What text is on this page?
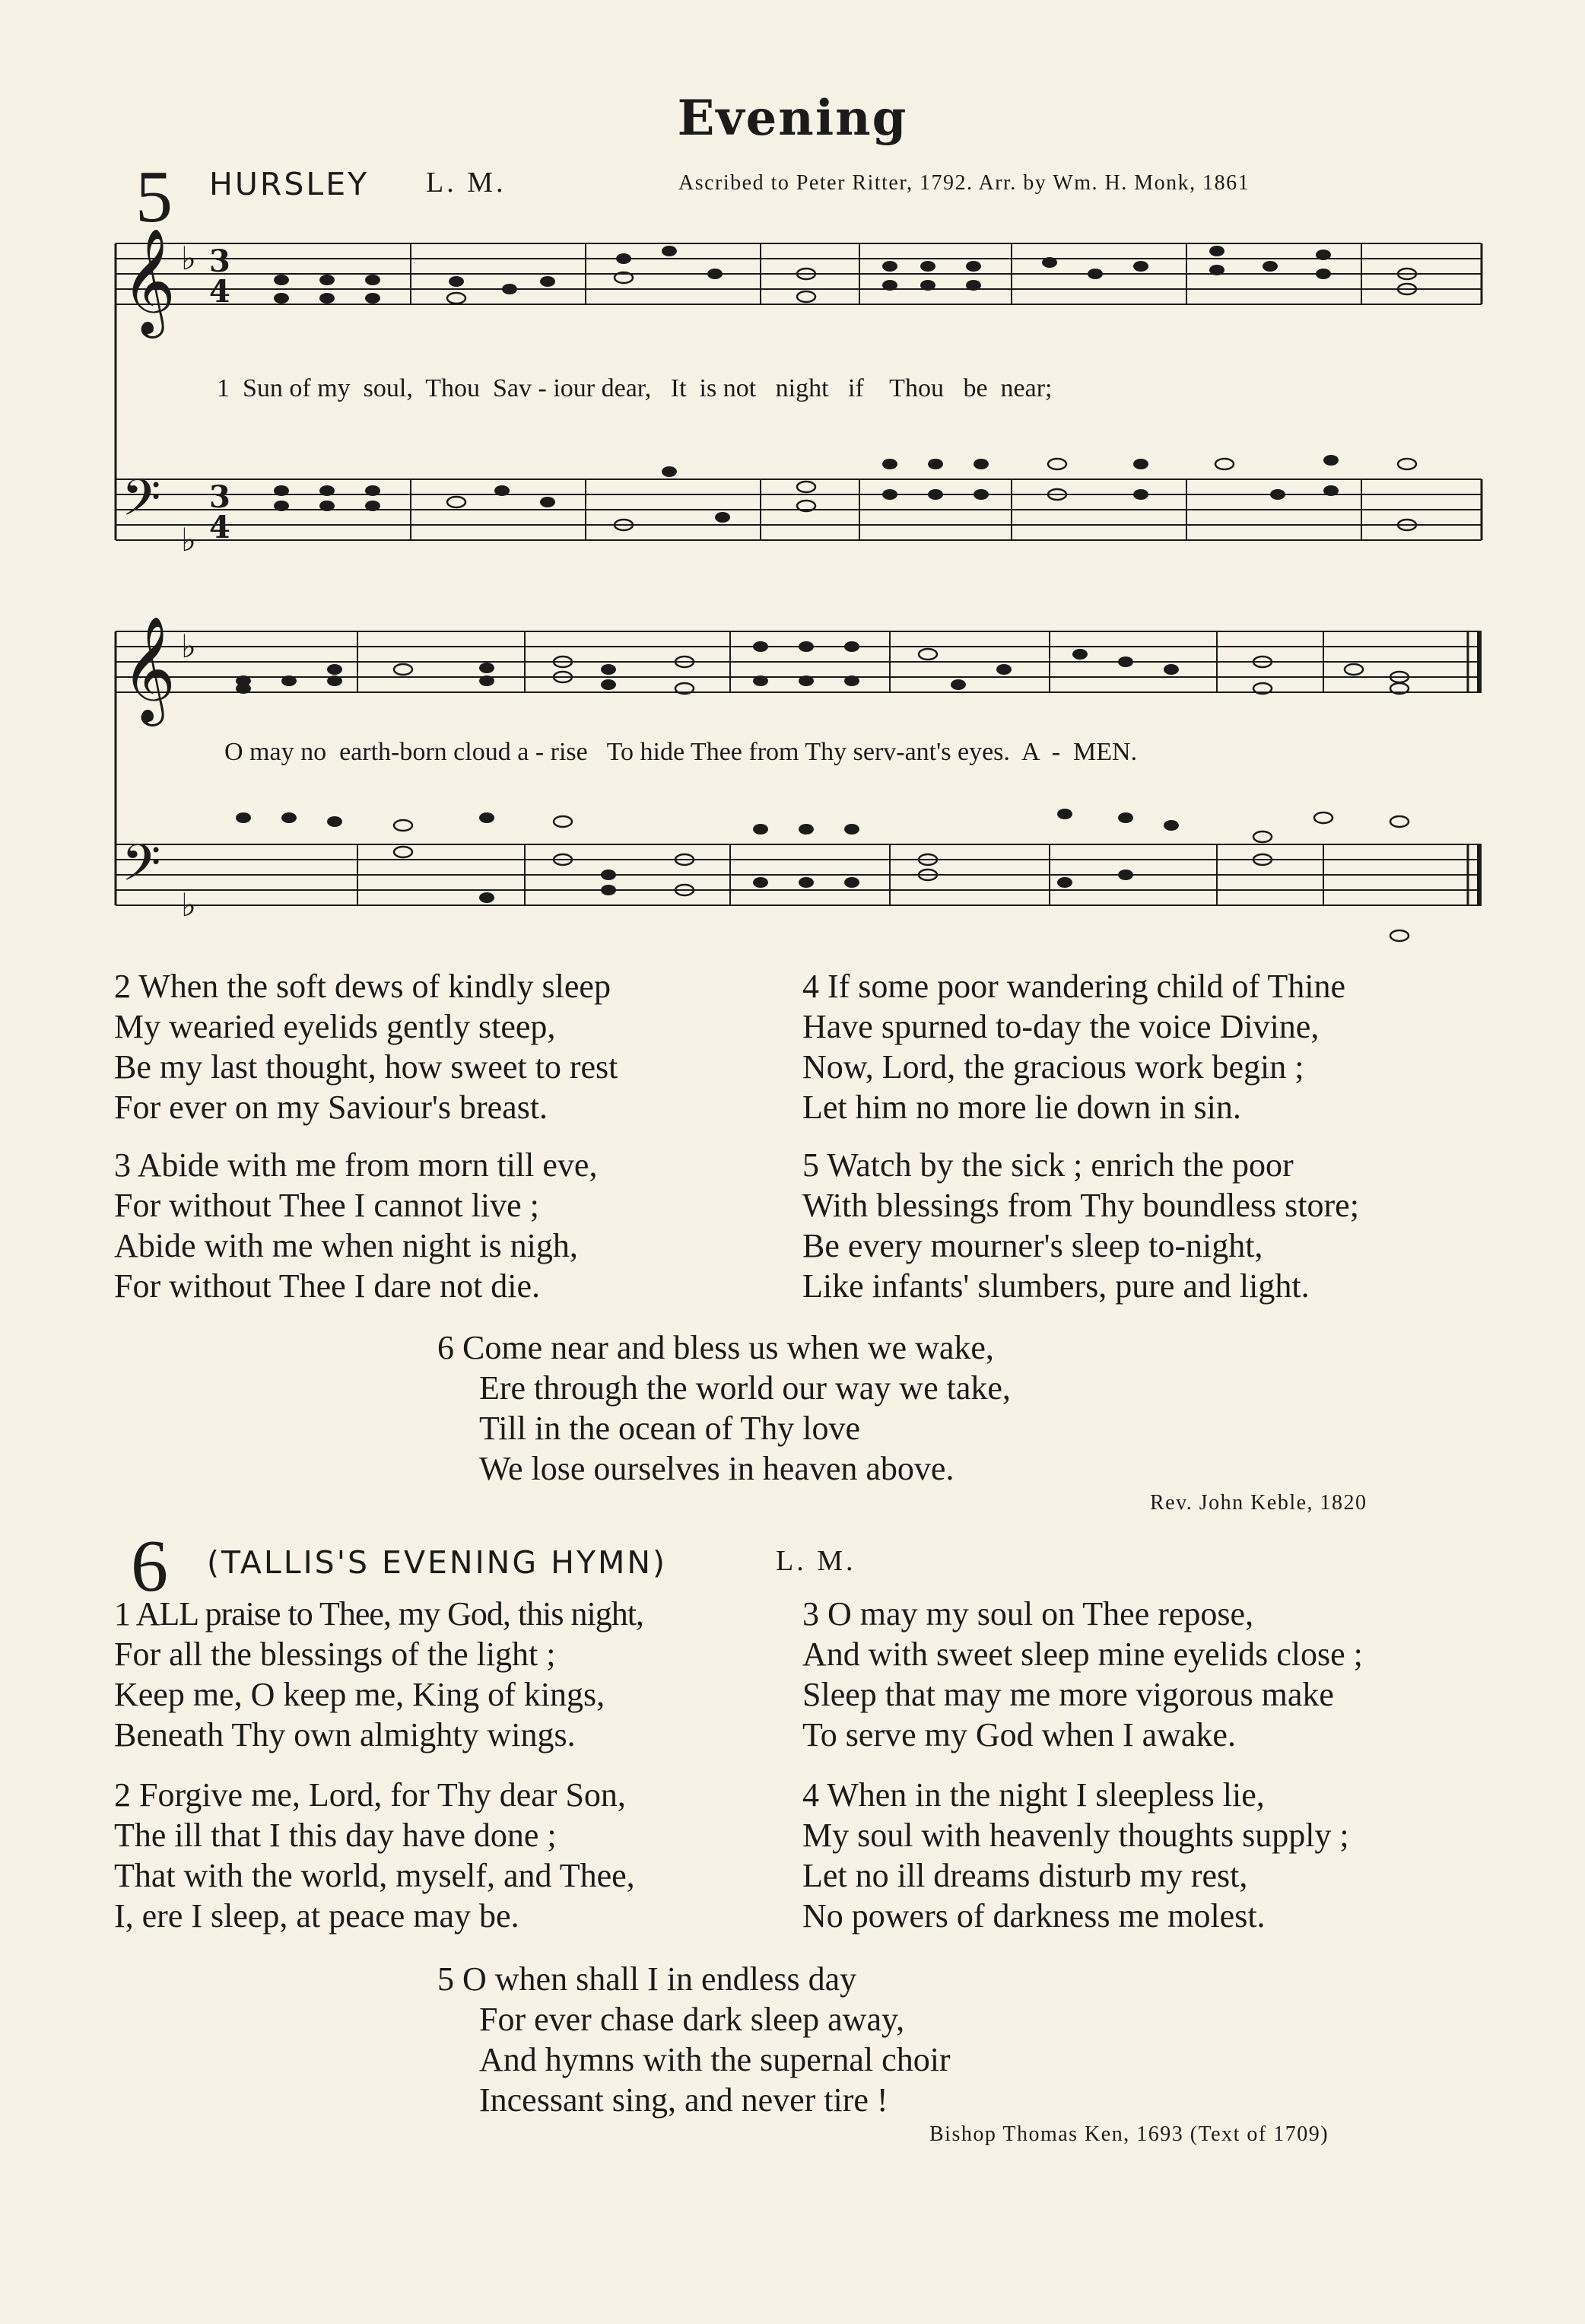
Evening
5 HURSLEY L. M.	Ascribed to Peter Ritter, 1792. Arr. by Wm. H. Monk, 1861
𝄞
𝄢
𝄞
𝄢
♭
♭
♭
♭
3
4
3
4
1  Sun of my  soul,  Thou  Sav - iour dear,   It  is not   night   if    Thou   be  near;
O may no  earth-born cloud a - rise   To hide Thee from Thy serv-ant's eyes.  A  -  MEN.
2 When the soft dews of kindly sleep
My wearied eyelids gently steep,
Be my last thought, how sweet to rest
For ever on my Saviour's breast.
4 If some poor wandering child of Thine
Have spurned to-day the voice Divine,
Now, Lord, the gracious work begin ;
Let him no more lie down in sin.
3 Abide with me from morn till eve,
For without Thee I cannot live ;
Abide with me when night is nigh,
For without Thee I dare not die.
5 Watch by the sick ; enrich the poor
With blessings from Thy boundless store;
Be every mourner's sleep to-night,
Like infants' slumbers, pure and light.
6 Come near and bless us when we wake,
Ere through the world our way we take,
Till in the ocean of Thy love
We lose ourselves in heaven above.
Rev. John Keble, 1820
6 (TALLIS'S EVENING HYMN)	L. M.
1 ALL praise to Thee, my God, this night,
For all the blessings of the light ;
Keep me, O keep me, King of kings,
Beneath Thy own almighty wings.
3 O may my soul on Thee repose,
And with sweet sleep mine eyelids close ;
Sleep that may me more vigorous make
To serve my God when I awake.
2 Forgive me, Lord, for Thy dear Son,
The ill that I this day have done ;
That with the world, myself, and Thee,
I, ere I sleep, at peace may be.
4 When in the night I sleepless lie,
My soul with heavenly thoughts supply ;
Let no ill dreams disturb my rest,
No powers of darkness me molest.
5 O when shall I in endless day
For ever chase dark sleep away,
And hymns with the supernal choir
Incessant sing, and never tire !
Bishop Thomas Ken, 1693 (Text of 1709)
